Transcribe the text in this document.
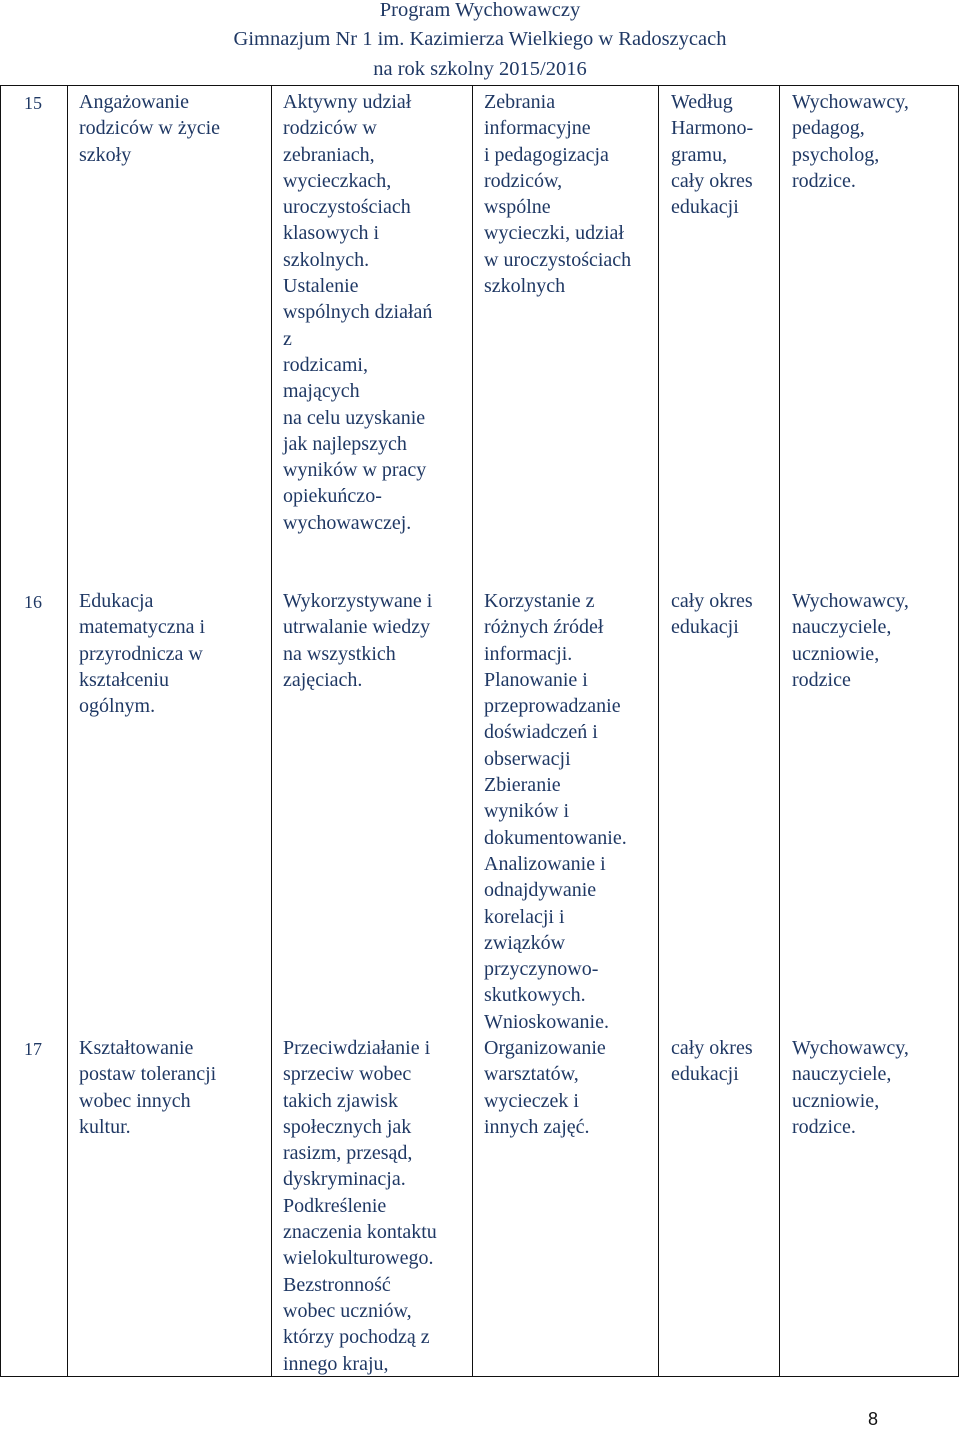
Program Wychowawczy
Gimnazjum Nr 1 im. Kazimierza Wielkiego w Radoszycach
na rok szkolny 2015/2016
15 Angażowanie
rodziców w życie
szkoły
Aktywny udział
rodziców w
zebraniach,
wycieczkach,
uroczystościach
klasowych i
szkolnych.
Ustalenie
wspólnych działań
z
rodzicami,
mających
na celu uzyskanie
jak najlepszych
wyników w pracy
opiekuńczo-
wychowawczej.
Zebrania
informacyjne
i pedagogizacja
rodziców,
wspólne
wycieczki, udział
w uroczystościach
szkolnych
Według
Harmono-
gramu,
cały okres
edukacji
Wychowawcy,
pedagog,
psycholog,
rodzice.
16 Edukacja
matematyczna i
przyrodnicza w
kształceniu
ogólnym.
Wykorzystywane i
utrwalanie wiedzy
na wszystkich
zajęciach.
Korzystanie z
różnych źródeł
informacji.
Planowanie i
przeprowadzanie
doświadczeń i
obserwacji
Zbieranie
wyników i
dokumentowanie.
Analizowanie i
odnajdywanie
korelacji i
związków
przyczynowo-
skutkowych.
Wnioskowanie.
cały okres
edukacji
Wychowawcy,
nauczyciele,
uczniowie,
rodzice
17 Kształtowanie
postaw tolerancji
wobec innych
kultur.
Przeciwdziałanie i
sprzeciw wobec
takich zjawisk
społecznych jak
rasizm, przesąd,
dyskryminacja.
Podkreślenie
znaczenia kontaktu
wielokulturowego.
Bezstronność
wobec uczniów,
którzy pochodzą z
innego kraju,
Organizowanie
warsztatów,
wycieczek i
innych zajęć.
cały okres
edukacji
Wychowawcy,
nauczyciele,
uczniowie,
rodzice.
8
